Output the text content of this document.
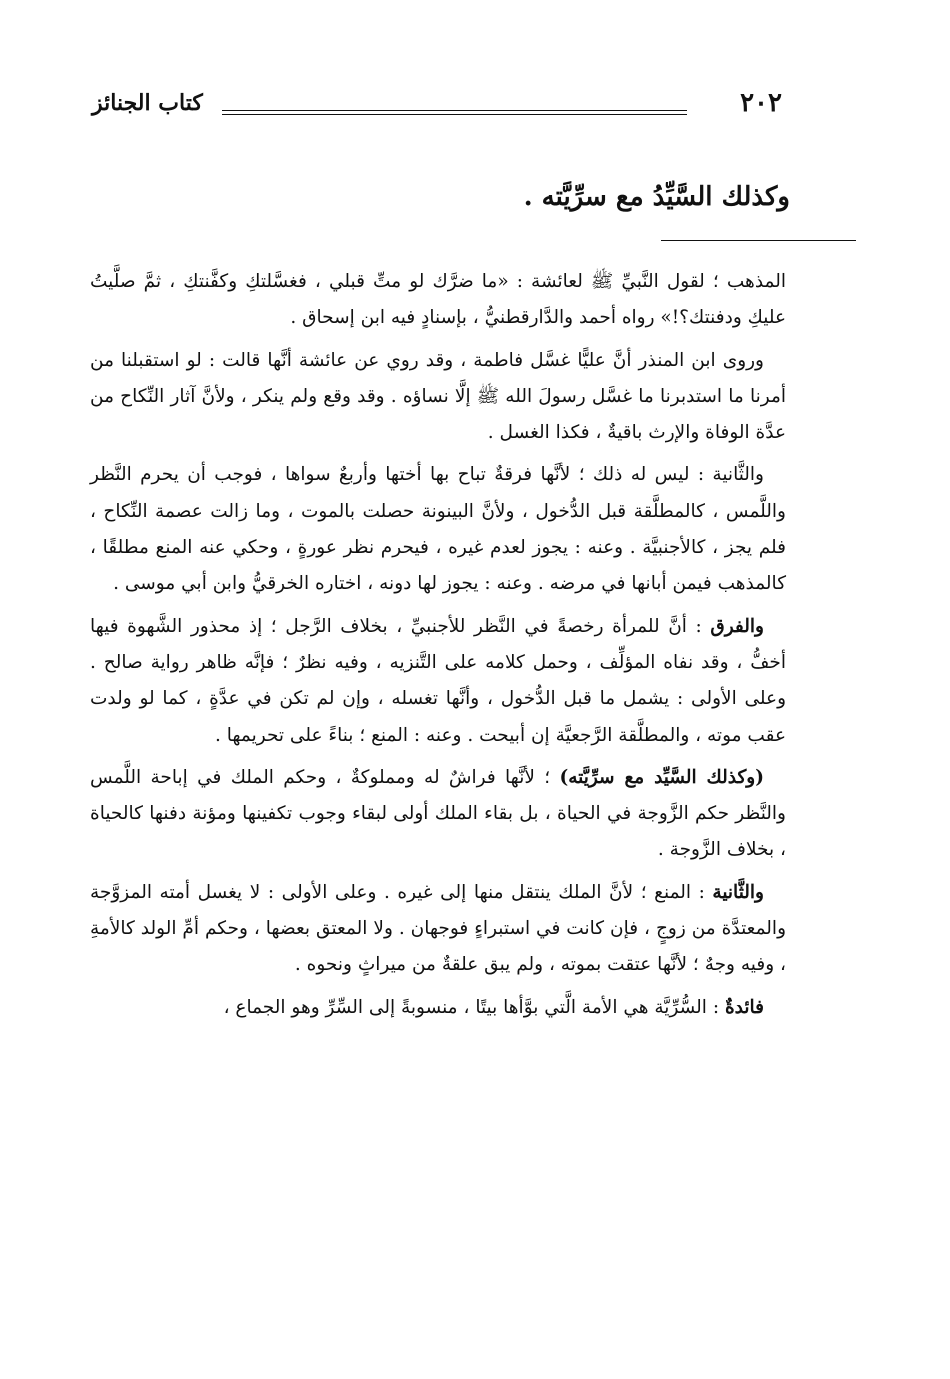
٢٠٢
كتاب الجنائز
وكذلك السَّيِّدُ مع سرِّيَّته .

المذهب ؛ لقول النَّبيِّ ﷺ لعائشة : «ما ضرَّك لو متِّ قبلي ، فغسَّلتكِ وكفَّنتكِ ، ثمَّ صلَّيتُ عليكِ ودفنتك؟!» رواه أحمد والدَّارقطنيُّ ، بإسنادٍ فيه ابن إسحاق .

وروى ابن المنذر أنَّ عليًّا غسَّل فاطمة ، وقد روي عن عائشة أنَّها قالت : لو استقبلنا من أمرنا ما استدبرنا ما غسَّل رسولَ الله ﷺ إلَّا نساؤه . وقد وقع ولم ينكر ، ولأنَّ آثار النِّكاح من عدَّة الوفاة والإرث باقيةٌ ، فكذا الغسل .

والثَّانية : ليس له ذلك ؛ لأنَّها فرقةٌ تباح بها أختها وأربعٌ سواها ، فوجب أن يحرم النَّظر واللَّمس ، كالمطلَّقة قبل الدُّخول ، ولأنَّ البينونة حصلت بالموت ، وما زالت عصمة النِّكاح ، فلم يجز ، كالأجنبيَّة . وعنه : يجوز لعدم غيره ، فيحرم نظر عورةٍ ، وحكي عنه المنع مطلقًا ، كالمذهب فيمن أبانها في مرضه . وعنه : يجوز لها دونه ، اختاره الخرقيُّ وابن أبي موسى .

والفرق : أنَّ للمرأة رخصةً في النَّظر للأجنبيِّ ، بخلاف الرَّجل ؛ إذ محذور الشَّهوة فيها أخفُّ ، وقد نفاه المؤلِّف ، وحمل كلامه على التَّنزيه ، وفيه نظرٌ ؛ فإنَّه ظاهر رواية صالح . وعلى الأولى : يشمل ما قبل الدُّخول ، وأنَّها تغسله ، وإن لم تكن في عدَّةٍ ، كما لو ولدت عقب موته ، والمطلَّقة الرَّجعيَّة إن أبيحت . وعنه : المنع ؛ بناءً على تحريمها .

(وكذلك السَّيِّد مع سرِّيَّته) ؛ لأنَّها فراشٌ له ومملوكةٌ ، وحكم الملك في إباحة اللَّمس والنَّظر حكم الزَّوجة في الحياة ، بل بقاء الملك أولى لبقاء وجوب تكفينها ومؤنة دفنها كالحياة ، بخلاف الزَّوجة .

والثَّانية : المنع ؛ لأنَّ الملك ينتقل منها إلى غيره . وعلى الأولى : لا يغسل أمته المزوَّجة والمعتدَّة من زوجٍ ، فإن كانت في استبراءٍ فوجهان . ولا المعتق بعضها ، وحكم أمِّ الولد كالأمةِ ، وفيه وجهٌ ؛ لأنَّها عتقت بموته ، ولم يبق علقةٌ من ميراثٍ ونحوه .

فائدةٌ : السُّرِّيَّة هي الأمة الَّتي بوَّأها بيتًا ، منسوبةً إلى السِّرِّ وهو الجماع ،
